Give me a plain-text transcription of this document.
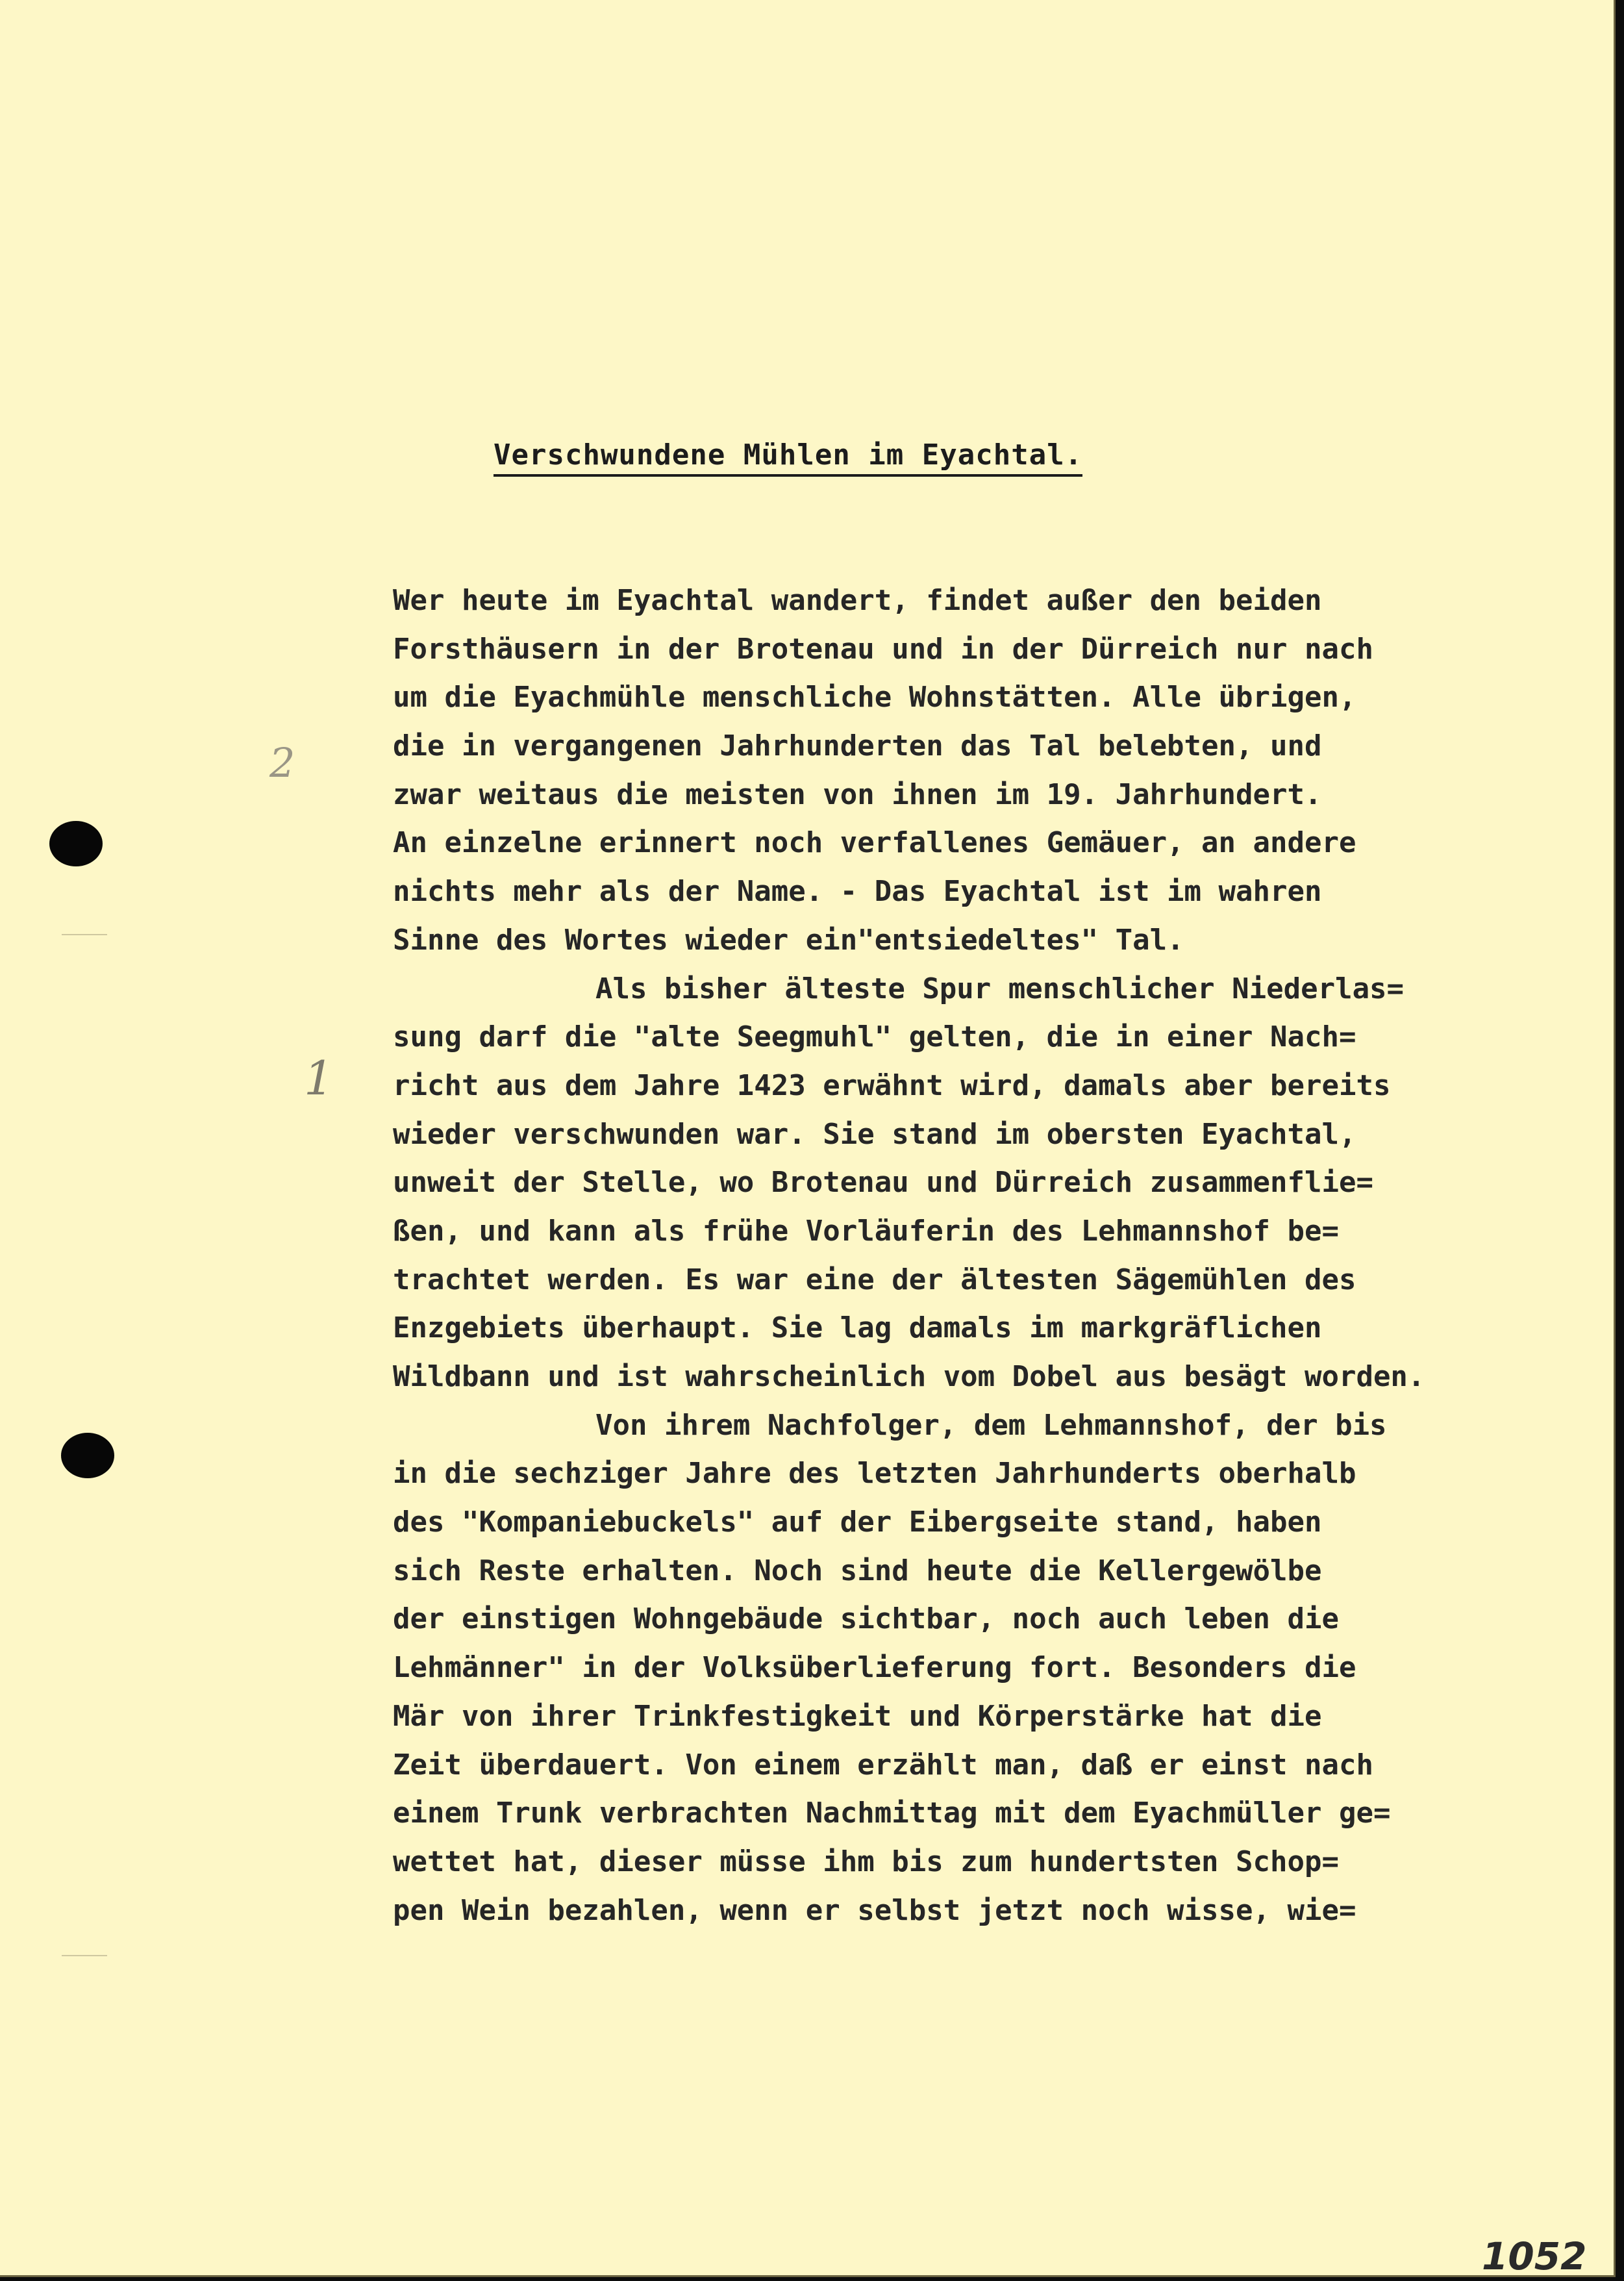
2
1
Verschwundene Mühlen im Eyachtal.
Wer heute im Eyachtal wandert, findet außer den beiden
Forsthäusern in der Brotenau und in der Dürreich nur nach
um die Eyachmühle menschliche Wohnstätten. Alle übrigen,
die in vergangenen Jahrhunderten das Tal belebten, und
zwar weitaus die meisten von ihnen im 19. Jahrhundert.
An einzelne erinnert noch verfallenes Gemäuer, an andere
nichts mehr als der Name. - Das Eyachtal ist im wahren
Sinne des Wortes wieder ein"entsiedeltes" Tal.
Als bisher älteste Spur menschlicher Niederlas=
sung darf die "alte Seegmuhl" gelten, die in einer Nach=
richt aus dem Jahre 1423 erwähnt wird, damals aber bereits
wieder verschwunden war. Sie stand im obersten Eyachtal,
unweit der Stelle, wo Brotenau und Dürreich zusammenflie=
ßen, und kann als frühe Vorläuferin des Lehmannshof be=
trachtet werden. Es war eine der ältesten Sägemühlen des
Enzgebiets überhaupt. Sie lag damals im markgräflichen
Wildbann und ist wahrscheinlich vom Dobel aus besägt worden.
Von ihrem Nachfolger, dem Lehmannshof, der bis
in die sechziger Jahre des letzten Jahrhunderts oberhalb
des "Kompaniebuckels" auf der Eibergseite stand, haben
sich Reste erhalten. Noch sind heute die Kellergewölbe
der einstigen Wohngebäude sichtbar, noch auch leben die
Lehmänner" in der Volksüberlieferung fort. Besonders die
Mär von ihrer Trinkfestigkeit und Körperstärke hat die
Zeit überdauert. Von einem erzählt man, daß er einst nach
einem Trunk verbrachten Nachmittag mit dem Eyachmüller ge=
wettet hat, dieser müsse ihm bis zum hundertsten Schop=
pen Wein bezahlen, wenn er selbst jetzt noch wisse, wie=
1052
